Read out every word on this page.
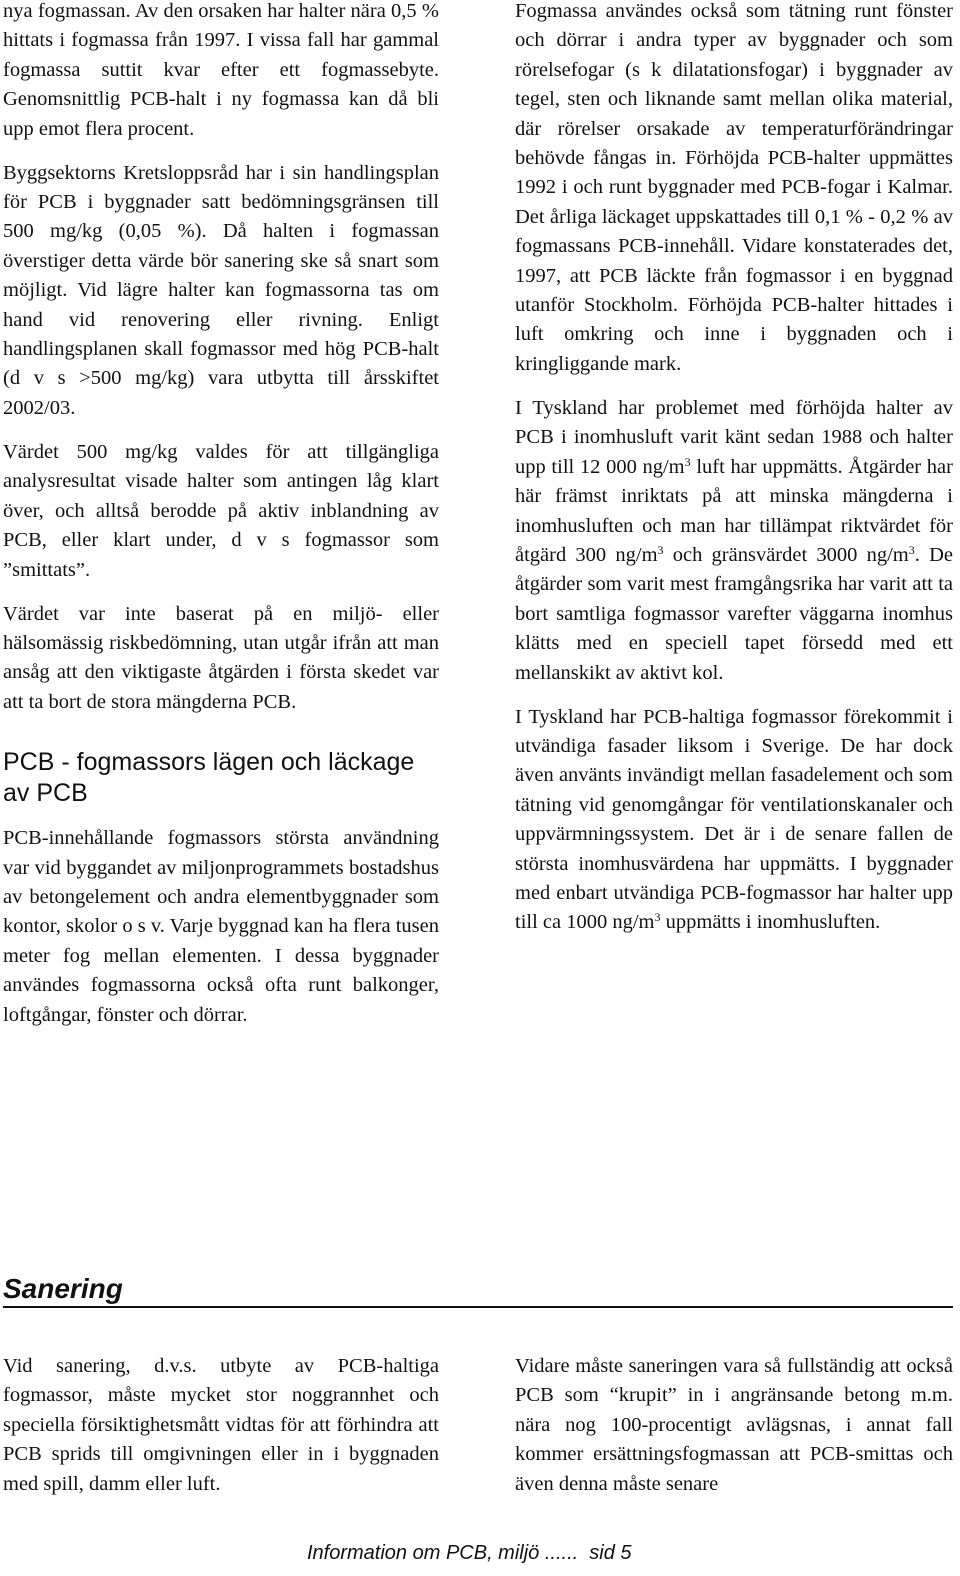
nya fogmassan. Av den orsaken har halter nära 0,5 % hittats i fogmassa från 1997. I vissa fall har gammal fogmassa suttit kvar efter ett fogmassebyte. Genomsnittlig PCB-halt i ny fogmassa kan då bli upp emot flera procent.

Byggsektorns Kretsloppsråd har i sin handlingsplan för PCB i byggnader satt bedömningsgränsen till 500 mg/kg (0,05 %). Då halten i fogmassan överstiger detta värde bör sanering ske så snart som möjligt. Vid lägre halter kan fogmassorna tas om hand vid renovering eller rivning. Enligt handlingsplanen skall fogmassor med hög PCB-halt (d v s >500 mg/kg) vara utbytta till årsskiftet 2002/03.

Värdet 500 mg/kg valdes för att tillgängliga analysresultat visade halter som antingen låg klart över, och alltså berodde på aktiv inblandning av PCB, eller klart under, d v s fogmassor som ”smittats”.

Värdet var inte baserat på en miljö- eller hälsomässig riskbedömning, utan utgår ifrån att man ansåg att den viktigaste åtgärden i första skedet var att ta bort de stora mängderna PCB.

PCB - fogmassors lägen och läckage av PCB

PCB-innehållande fogmassors största användning var vid byggandet av miljonprogrammets bostadshus av betongelement och andra elementbyggnader som kontor, skolor o s v. Varje byggnad kan ha flera tusen meter fog mellan elementen. I dessa byggnader användes fogmassorna också ofta runt balkonger, loftgångar, fönster och dörrar.

Fogmassa användes också som tätning runt fönster och dörrar i andra typer av byggnader och som rörelsefogar (s k dilatationsfogar) i byggnader av tegel, sten och liknande samt mellan olika material, där rörelser orsakade av temperaturförändringar behövde fångas in. Förhöjda PCB-halter uppmättes 1992 i och runt byggnader med PCB-fogar i Kalmar. Det årliga läckaget uppskattades till 0,1 % - 0,2 % av fogmassans PCB-innehåll. Vidare konstaterades det, 1997, att PCB läckte från fogmassor i en byggnad utanför Stockholm. Förhöjda PCB-halter hittades i luft omkring och inne i byggnaden och i kringliggande mark.

I Tyskland har problemet med förhöjda halter av PCB i inomhusluft varit känt sedan 1988 och halter upp till 12 000 $ng/m^3$ luft har uppmätts. Åtgärder har här främst inriktats på att minska mängderna i inomhusluften och man har tillämpat riktvärdet för åtgärd 300 $ng/m^3$ och gränsvärdet 3000 $ng/m^3$. De åtgärder som varit mest framgångsrika har varit att ta bort samtliga fogmassor varefter väggarna inomhus klätts med en speciell tapet försedd med ett mellanskikt av aktivt kol.

I Tyskland har PCB-haltiga fogmassor förekommit i utvändiga fasader liksom i Sverige. De har dock även använts invändigt mellan fasadelement och som tätning vid genomgångar för ventilationskanaler och uppvärmningssystem. Det är i de senare fallen de största inomhusvärdena har uppmätts. I byggnader med enbart utvändiga PCB-fogmassor har halter upp till ca 1000 $ng/m^3$ uppmätts i inomhusluften.

Sanering

Vid sanering, d.v.s. utbyte av PCB-haltiga fogmassor, måste mycket stor noggrannhet och speciella försiktighetsmått vidtas för att förhindra att PCB sprids till omgivningen eller in i byggnaden med spill, damm eller luft.

Vidare måste saneringen vara så fullständig att också PCB som “krupit” in i angränsande betong m.m. nära nog 100-procentigt avlägsnas, i annat fall kommer ersättningsfogmassan att PCB-smittas och även denna måste senare

Information om PCB, miljö ......  sid 5
